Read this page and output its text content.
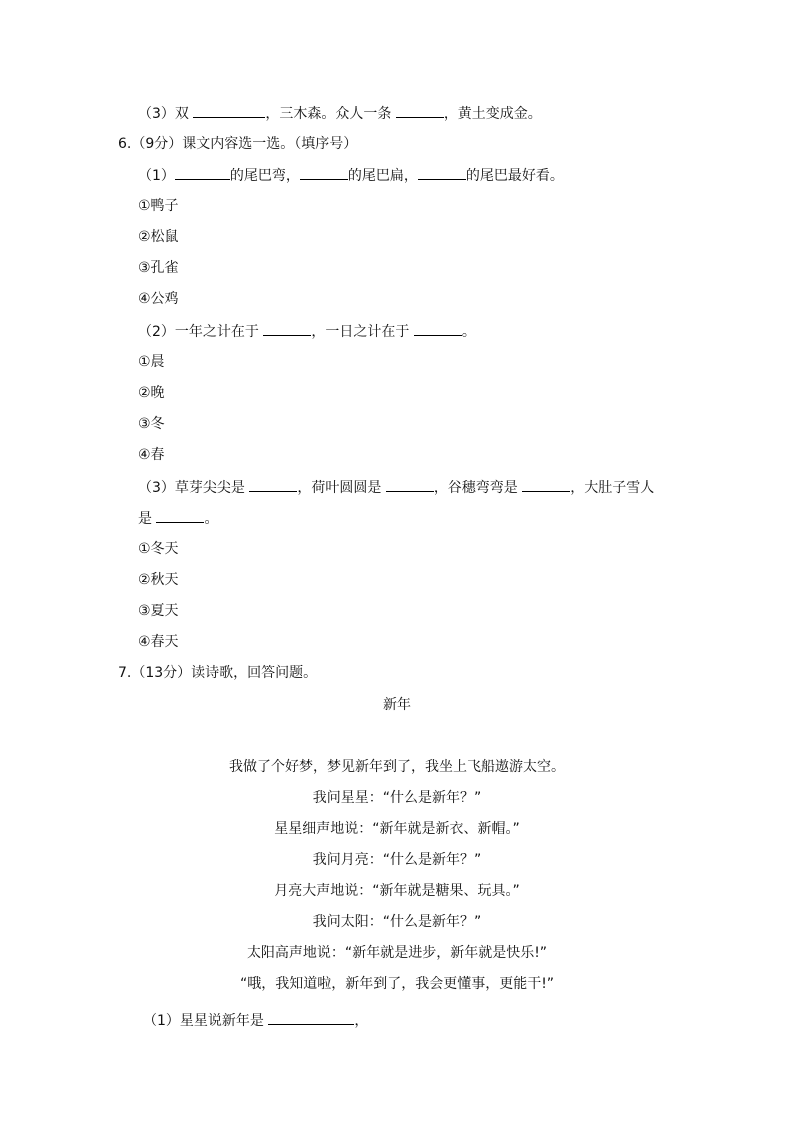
（3）双	，三木森。众人一条	，黄土变成金。
6.（9分）课文内容选一选。（填序号）
（1）	的尾巴弯，	的尾巴扁，	的尾巴最好看。
①鸭子
②松鼠
③孔雀
④公鸡
（2）一年之计在于	，一日之计在于	。
①晨
②晚
③冬
④春
（3）草芽尖尖是	，荷叶圆圆是	，谷穗弯弯是	，大肚子雪人
是	。
①冬天
②秋天
③夏天
④春天
7.（13分）读诗歌，回答问题。
新年
我做了个好梦，梦见新年到了，我坐上飞船遨游太空。
我问星星：“什么是新年？”
星星细声地说：“新年就是新衣、新帽。”
我问月亮：“什么是新年？”
月亮大声地说：“新年就是糖果、玩具。”
我问太阳：“什么是新年？”
太阳高声地说：“新年就是进步，新年就是快乐!”
“哦，我知道啦，新年到了，我会更懂事，更能干!”
（1）星星说新年是	，
